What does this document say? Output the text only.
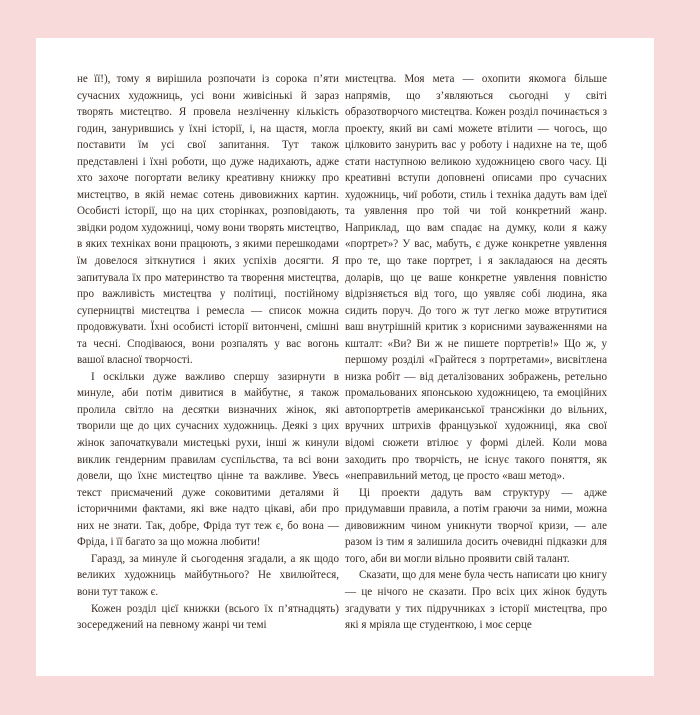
не її!), тому я вирішила розпочати із сорока п’яти сучасних художниць, усі вони живісінькі й зараз творять мистецтво. Я провела незліченну кількість годин, занурившись у їхні історії, і, на щастя, могла поставити їм усі свої запитання. Тут також представлені і їхні роботи, що дуже надихають, адже хто захоче погортати велику креативну книжку про мистецтво, в якій немає сотень дивовижних картин. Особисті історії, що на цих сторінках, розповідають, звідки родом художниці, чому вони творять мистецтво, в яких техніках вони працюють, з якими перешкодами їм довелося зіткнутися і яких успіхів досягти. Я запитувала їх про материнство та творення мистецтва, про важливість мистецтва у політиці, постійному суперництві мистецтва і ремесла — список можна продовжувати. Їхні особисті історії витончені, смішні та чесні. Сподіваюся, вони розпалять у вас вогонь вашої власної творчості.

І оскільки дуже важливо спершу зазирнути в минуле, аби потім дивитися в майбутнє, я також пролила світло на десятки визначних жінок, які творили ще до цих сучасних художниць. Деякі з цих жінок започаткували мистецькі рухи, інші ж кинули виклик гендерним правилам суспільства, та всі вони довели, що їхнє мистецтво цінне та важливе. Увесь текст присмачений дуже соковитими деталями й історичними фактами, які вже надто цікаві, аби про них не знати. Так, добре, Фріда тут теж є, бо вона — Фріда, і її багато за що можна любити!

Гаразд, за минуле й сьогодення згадали, а як щодо великих художниць майбутнього? Не хвилюйтеся, вони тут також є.

Кожен розділ цієї книжки (всього їх п’ятнадцять) зосереджений на певному жанрі чи темі

мистецтва. Моя мета — охопити якомога більше напрямів, що з’являються сьогодні у світі образотворчого мистецтва. Кожен розділ починається з проекту, який ви самі можете втілити — чогось, що цілковито занурить вас у роботу і надихне на те, щоб стати наступною великою художницею свого часу. Ці креативні вступи доповнені описами про сучасних художниць, чиї роботи, стиль і техніка дадуть вам ідеї та уявлення про той чи той конкретний жанр. Наприклад, що вам спадає на думку, коли я кажу «портрет»? У вас, мабуть, є дуже конкретне уявлення про те, що таке портрет, і я закладаюся на десять доларів, що це ваше конкретне уявлення повністю відрізняється від того, що уявляє собі людина, яка сидить поруч. До того ж тут легко може втрутитися ваш внутрішній критик з корисними зауваженнями на кшталт: «Ви? Ви ж не пишете портретів!» Що ж, у першому розділі «Грайтеся з портретами», висвітлена низка робіт — від деталізованих зображень, ретельно промальованих японською художницею, та емоційних автопортретів американської трансжінки до вільних, вручних штрихів французької художниці, яка свої відомі сюжети втілює у формі ділей. Коли мова заходить про творчість, не існує такого поняття, як «неправильний метод, це просто «ваш метод».

Ці проекти дадуть вам структуру — адже придумавши правила, а потім граючи за ними, можна дивовижним чином уникнути творчої кризи, — але разом із тим я залишила досить очевидні підказки для того, аби ви могли вільно проявити свій талант.

Сказати, що для мене була честь написати цю книгу — це нічого не сказати. Про всіх цих жінок будуть згадувати у тих підручниках з історії мистецтва, про які я мріяла ще студенткою, і моє серце
